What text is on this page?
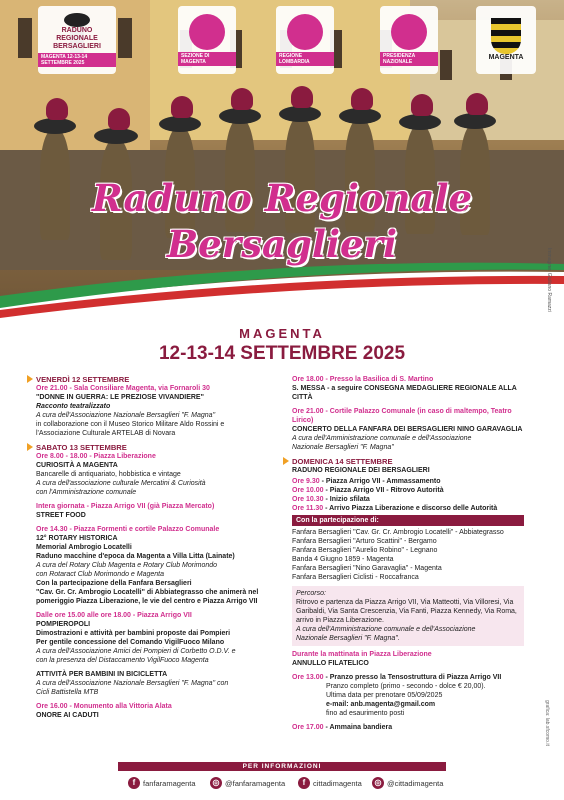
RADUNO
REGIONALE
BERSAGLIERI
MAGENTA 12-13-14 SETTEMBRE 2025
SEZIONE DI MAGENTA
REGIONE LOMBARDIA
PRESIDENZA NAZIONALE
MAGENTA
Raduno Regionale
Bersaglieri
Immagine: Giuliano Ramazzi
MAGENTA
12-13-14 SETTEMBRE 2025
VENERDÌ 12 SETTEMBRE
Ore 21.00 - Sala Consiliare Magenta, via Fornaroli 30
"DONNE IN GUERRA: LE PREZIOSE VIVANDIERE"
Racconto teatralizzato
A cura dell'Associazione Nazionale Bersaglieri "F. Magna"
in collaborazione con il Museo Storico Militare Aldo Rossini e
l'Associazione Culturale ARTELAB di Novara
SABATO 13 SETTEMBRE
Ore 8.00 - 18.00 - Piazza Liberazione
CURIOSITÀ A MAGENTA
Bancarelle di antiquariato, hobbistica e vintage
A cura dell'associazione culturale Mercatini & Curiosità
con l'Amministrazione comunale
Intera giornata - Piazza Arrigo VII (già Piazza Mercato)
STREET FOOD
Ore 14.30 - Piazza Formenti e cortile Palazzo Comunale
12° ROTARY HISTORICA
Memorial Ambrogio Locatelli
Raduno macchine d'epoca da Magenta a Villa Litta (Lainate)
A cura del Rotary Club Magenta e Rotary Club Morimondo
con Rotaract Club Morimondo e Magenta
Con la partecipazione della Fanfara Bersaglieri
"Cav. Gr. Cr. Ambrogio Locatelli" di Abbiategrasso che animerà nel
pomeriggio Piazza Liberazione, le vie del centro e Piazza Arrigo VII
Dalle ore 15.00 alle ore 18.00 - Piazza Arrigo VII
POMPIEROPOLI
Dimostrazioni e attività per bambini proposte dai Pompieri
Per gentile concessione del Comando VigilFuoco Milano
A cura dell'Associazione Amici dei Pompieri di Corbetto O.D.V. e
con la presenza del Distaccamento VigilFuoco Magenta
ATTIVITÀ PER BAMBINI IN BICICLETTA
A cura dell'Associazione Nazionale Bersaglieri "F. Magna" con
Cicli Battistella MTB
Ore 16.00 - Monumento alla Vittoria Alata
ONORE AI CADUTI
Ore 18.00 - Presso la Basilica di S. Martino
S. MESSA - a seguire CONSEGNA MEDAGLIERE REGIONALE ALLA CITTÀ
Ore 21.00 - Cortile Palazzo Comunale (in caso di maltempo, Teatro Lirico)
CONCERTO DELLA FANFARA DEI BERSAGLIERI NINO GARAVAGLIA
A cura dell'Amministrazione comunale e dell'Associazione
Nazionale Bersaglieri "F. Magna"
DOMENICA 14 SETTEMBRE
RADUNO REGIONALE DEI BERSAGLIERI
Ore 9.30 - Piazza Arrigo VII - Ammassamento
Ore 10.00 - Piazza Arrigo VII - Ritrovo Autorità
Ore 10.30 - Inizio sfilata
Ore 11.30 - Arrivo Piazza Liberazione e discorso delle Autorità
Con la partecipazione di:
Fanfara Bersaglieri "Cav. Gr. Cr. Ambrogio Locatelli" - Abbiategrasso
Fanfara Bersaglieri "Arturo Scattini" - Bergamo
Fanfara Bersaglieri "Aurelio Robino" - Legnano
Banda 4 Giugno 1859 - Magenta
Fanfara Bersaglieri "Nino Garavaglia" - Magenta
Fanfara Bersaglieri Ciclisti - Roccafranca
Percorso:
Ritrovo e partenza da Piazza Arrigo VII, Via Matteotti, Via Villoresi, Via Garibaldi, Via Santa Crescenzia, Via Fanti, Piazza Kennedy, Via Roma, arrivo in Piazza Liberazione.
A cura dell'Amministrazione comunale e dell'Associazione
Nazionale Bersaglieri "F. Magna".
Durante la mattinata in Piazza Liberazione
ANNULLO FILATELICO
Ore 13.00 - Pranzo presso la Tensostruttura di Piazza Arrigo VII
Pranzo completo (primo - secondo - dolce € 20,00).
Ultima data per prenotare 05/09/2025
e-mail: anb.magenta@gmail.com
fino ad esaurimento posti
Ore 17.00 - Ammaina bandiera	grafica: lab.sfcomo.it
PER INFORMAZIONI
f	fanfaramagenta	◎ @fanfaramagenta	f	cittadimagenta	◎ @cittadimagenta
